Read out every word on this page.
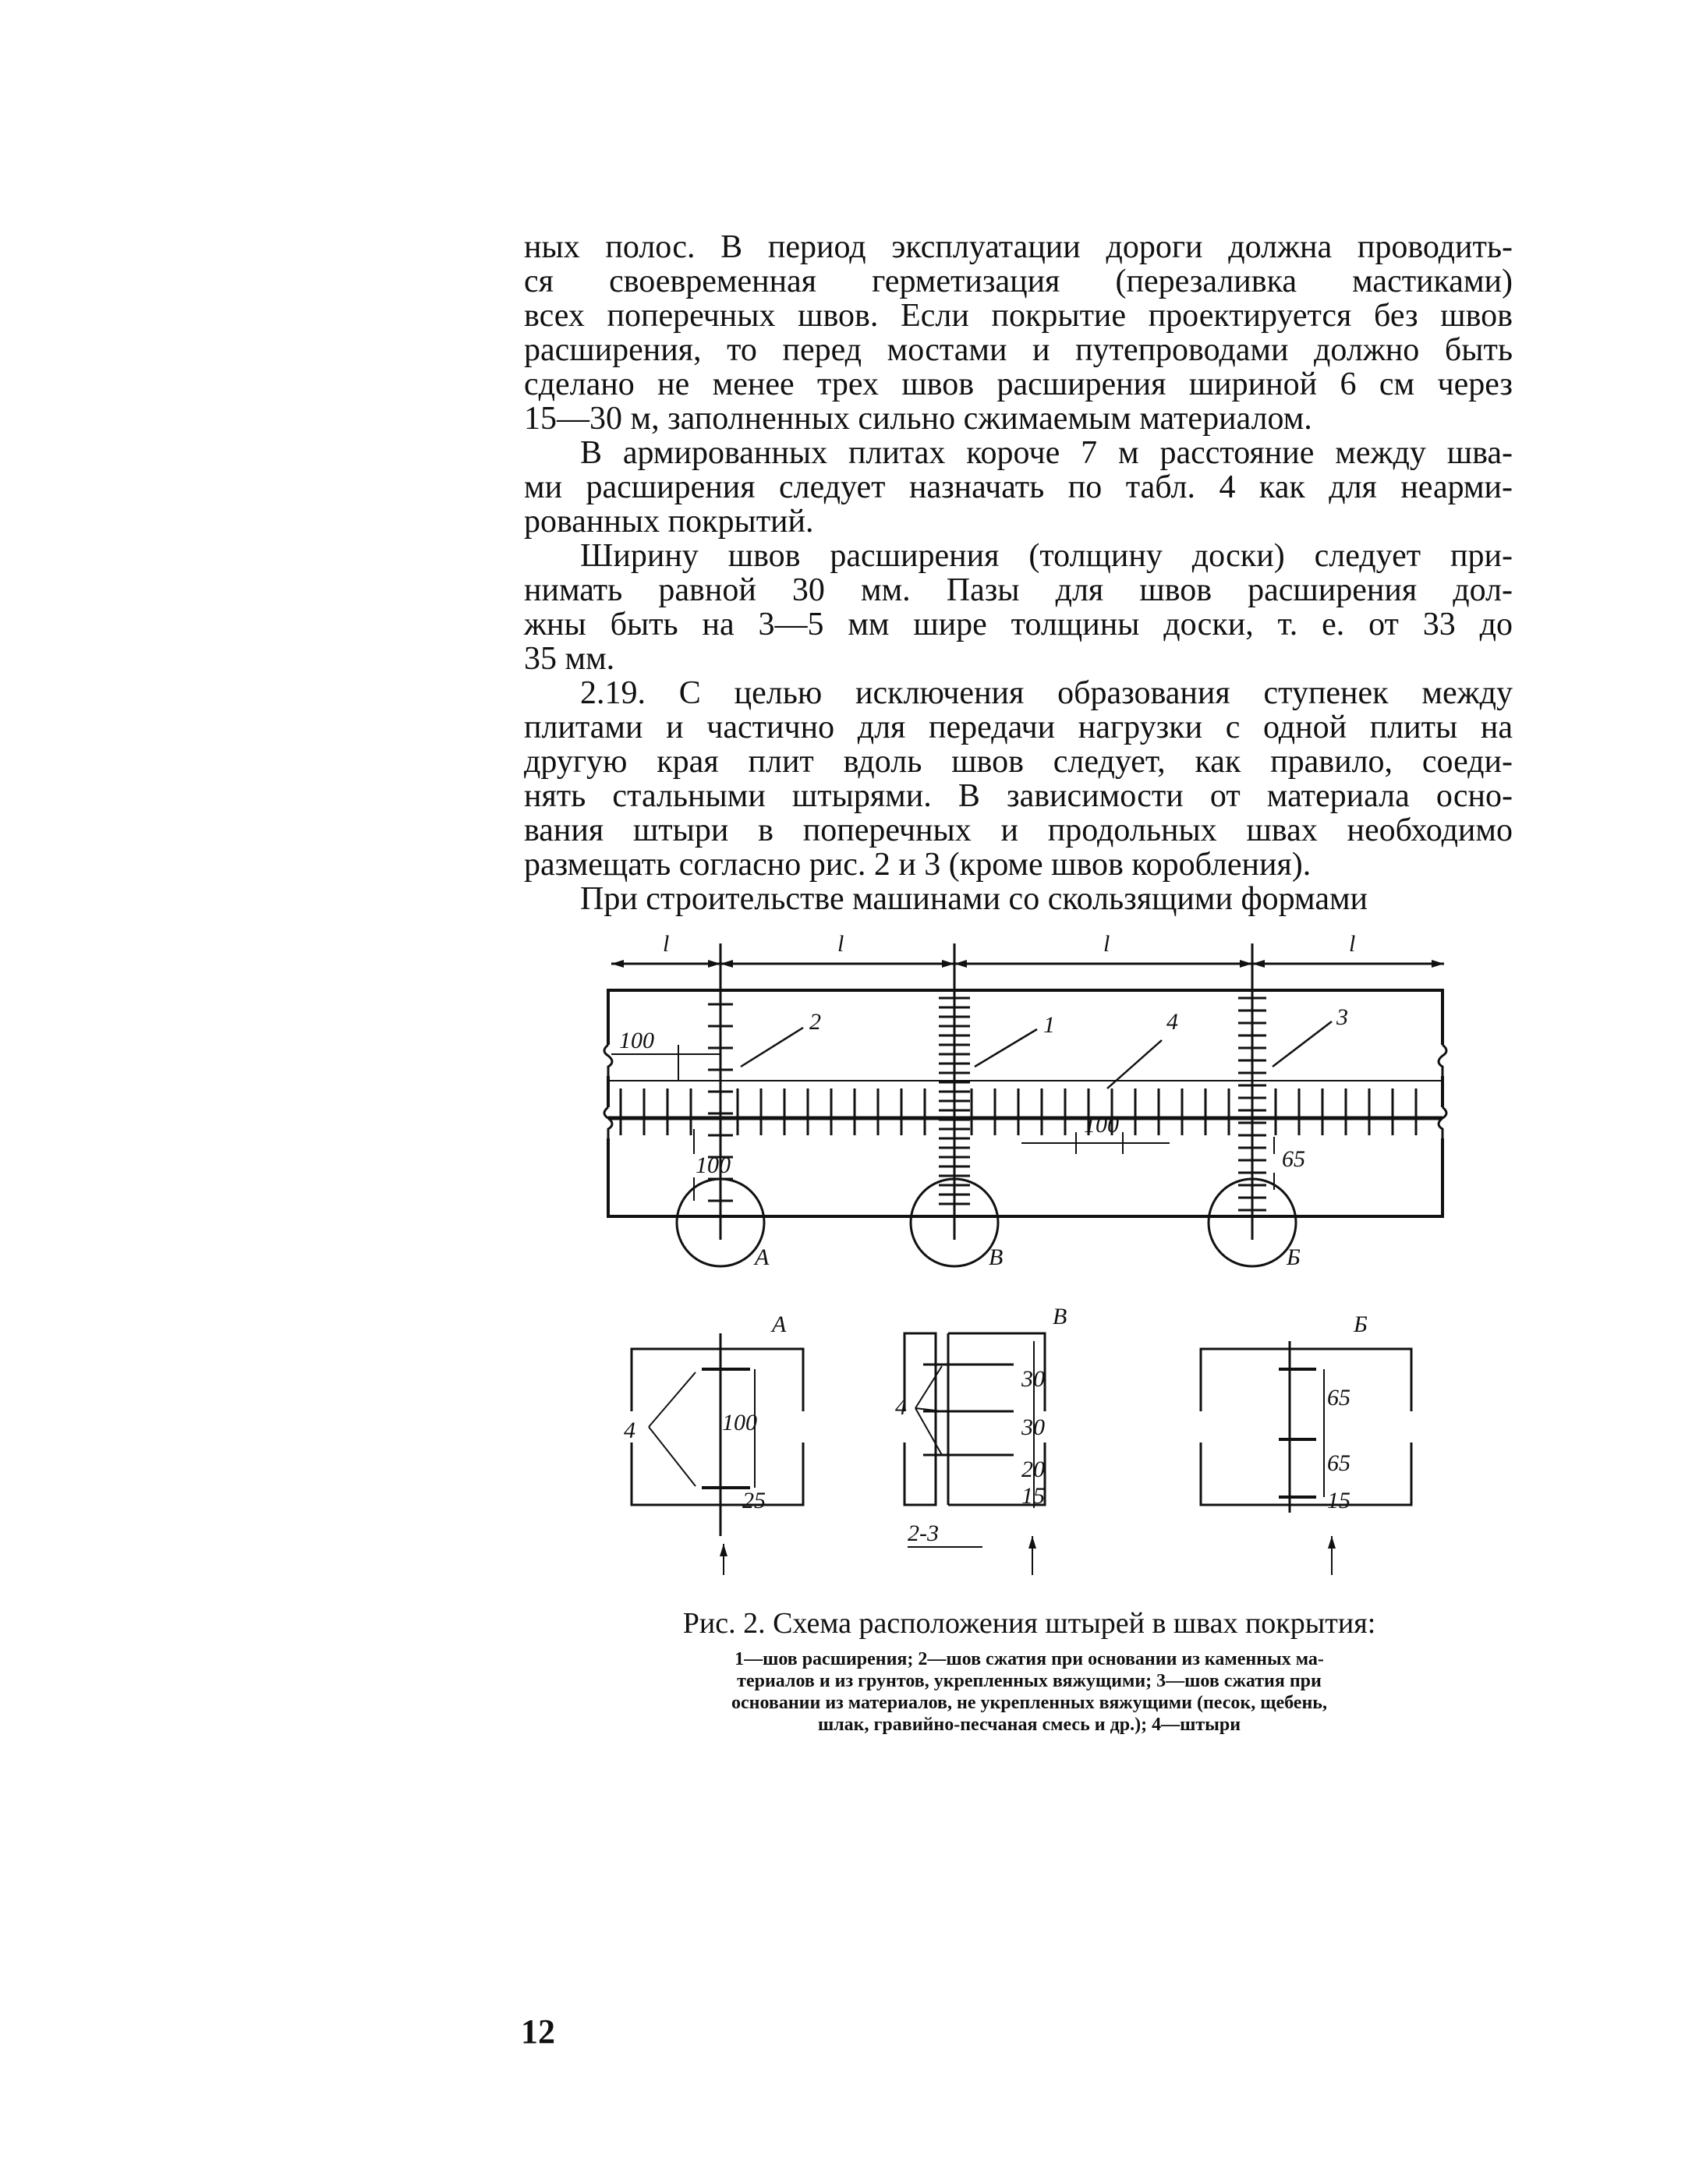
ных полос. В период эксплуатации дороги должна проводить-
ся своевременная герметизация (перезаливка мастиками)
всех поперечных швов. Если покрытие проектируется без швов
расширения, то перед мостами и путепроводами должно быть
сделано не менее трех швов расширения шириной 6 см через
15—30 м, заполненных сильно сжимаемым материалом.

В армированных плитах короче 7 м расстояние между шва-
ми расширения следует назначать по табл. 4 как для неарми-
рованных покрытий.

Ширину швов расширения (толщину доски) следует при-
нимать равной 30 мм. Пазы для швов расширения дол-
жны быть на 3—5 мм шире толщины доски, т. е. от 33 до
35 мм.

2.19. С целью исключения образования ступенек между
плитами и частично для передачи нагрузки с одной плиты на
другую края плит вдоль швов следует, как правило, соеди-
нять стальными штырями. В зависимости от материала осно-
вания штыри в поперечных и продольных швах необходимо
размещать согласно рис. 2 и 3 (кроме швов коробления).

При строительстве машинами со скользящими формами

l	l	l	l
2	1	4	3
100
100
100
65
А	В	Б
А
4	100
25
В
4
30
30
20
15
2-3
Б
65
65
15
Рис. 2. Схема расположения штырей в швах покрытия:
1—шов расширения; 2—шов сжатия при основании из каменных ма-
териалов и из грунтов, укрепленных вяжущими; 3—шов сжатия при
основании из материалов, не укрепленных вяжущими (песок, щебень,
шлак, гравийно-песчаная смесь и др.); 4—штыри
12
